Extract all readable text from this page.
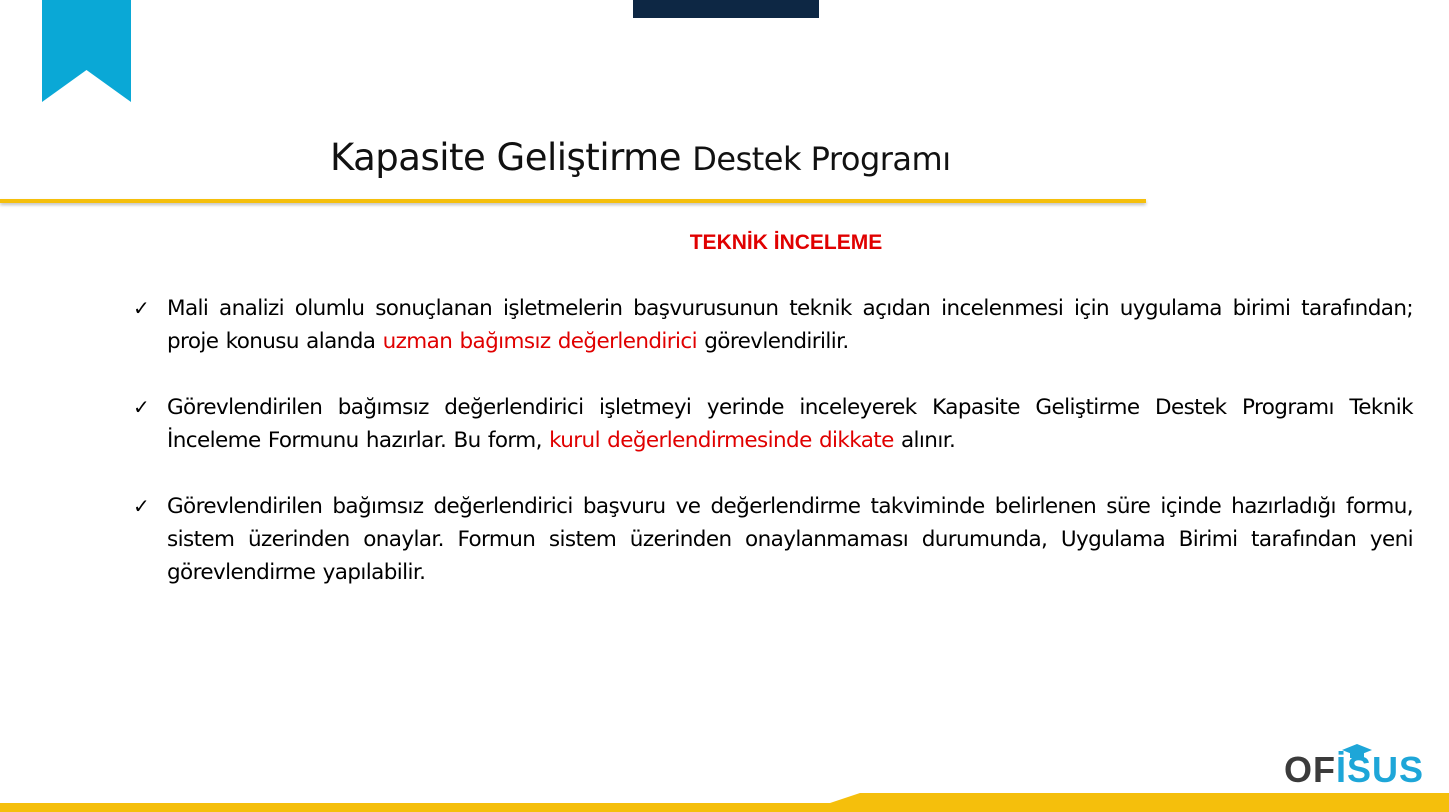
Kapasite Geliştirme Destek Programı
TEKNİK İNCELEME
✓ Mali analizi olumlu sonuçlanan işletmelerin başvurusunun teknik açıdan incelenmesi için uygulama birimi tarafından; proje konusu alanda uzman bağımsız değerlendirici görevlendirilir.
✓ Görevlendirilen bağımsız değerlendirici işletmeyi yerinde inceleyerek Kapasite Geliştirme Destek Programı Teknik İnceleme Formunu hazırlar. Bu form, kurul değerlendirmesinde dikkate alınır.
✓ Görevlendirilen bağımsız değerlendirici başvuru ve değerlendirme takviminde belirlenen süre içinde hazırladığı formu, sistem üzerinden onaylar. Formun sistem üzerinden onaylanmaması durumunda, Uygulama Birimi tarafından yeni görevlendirme yapılabilir.
OFİSUS
